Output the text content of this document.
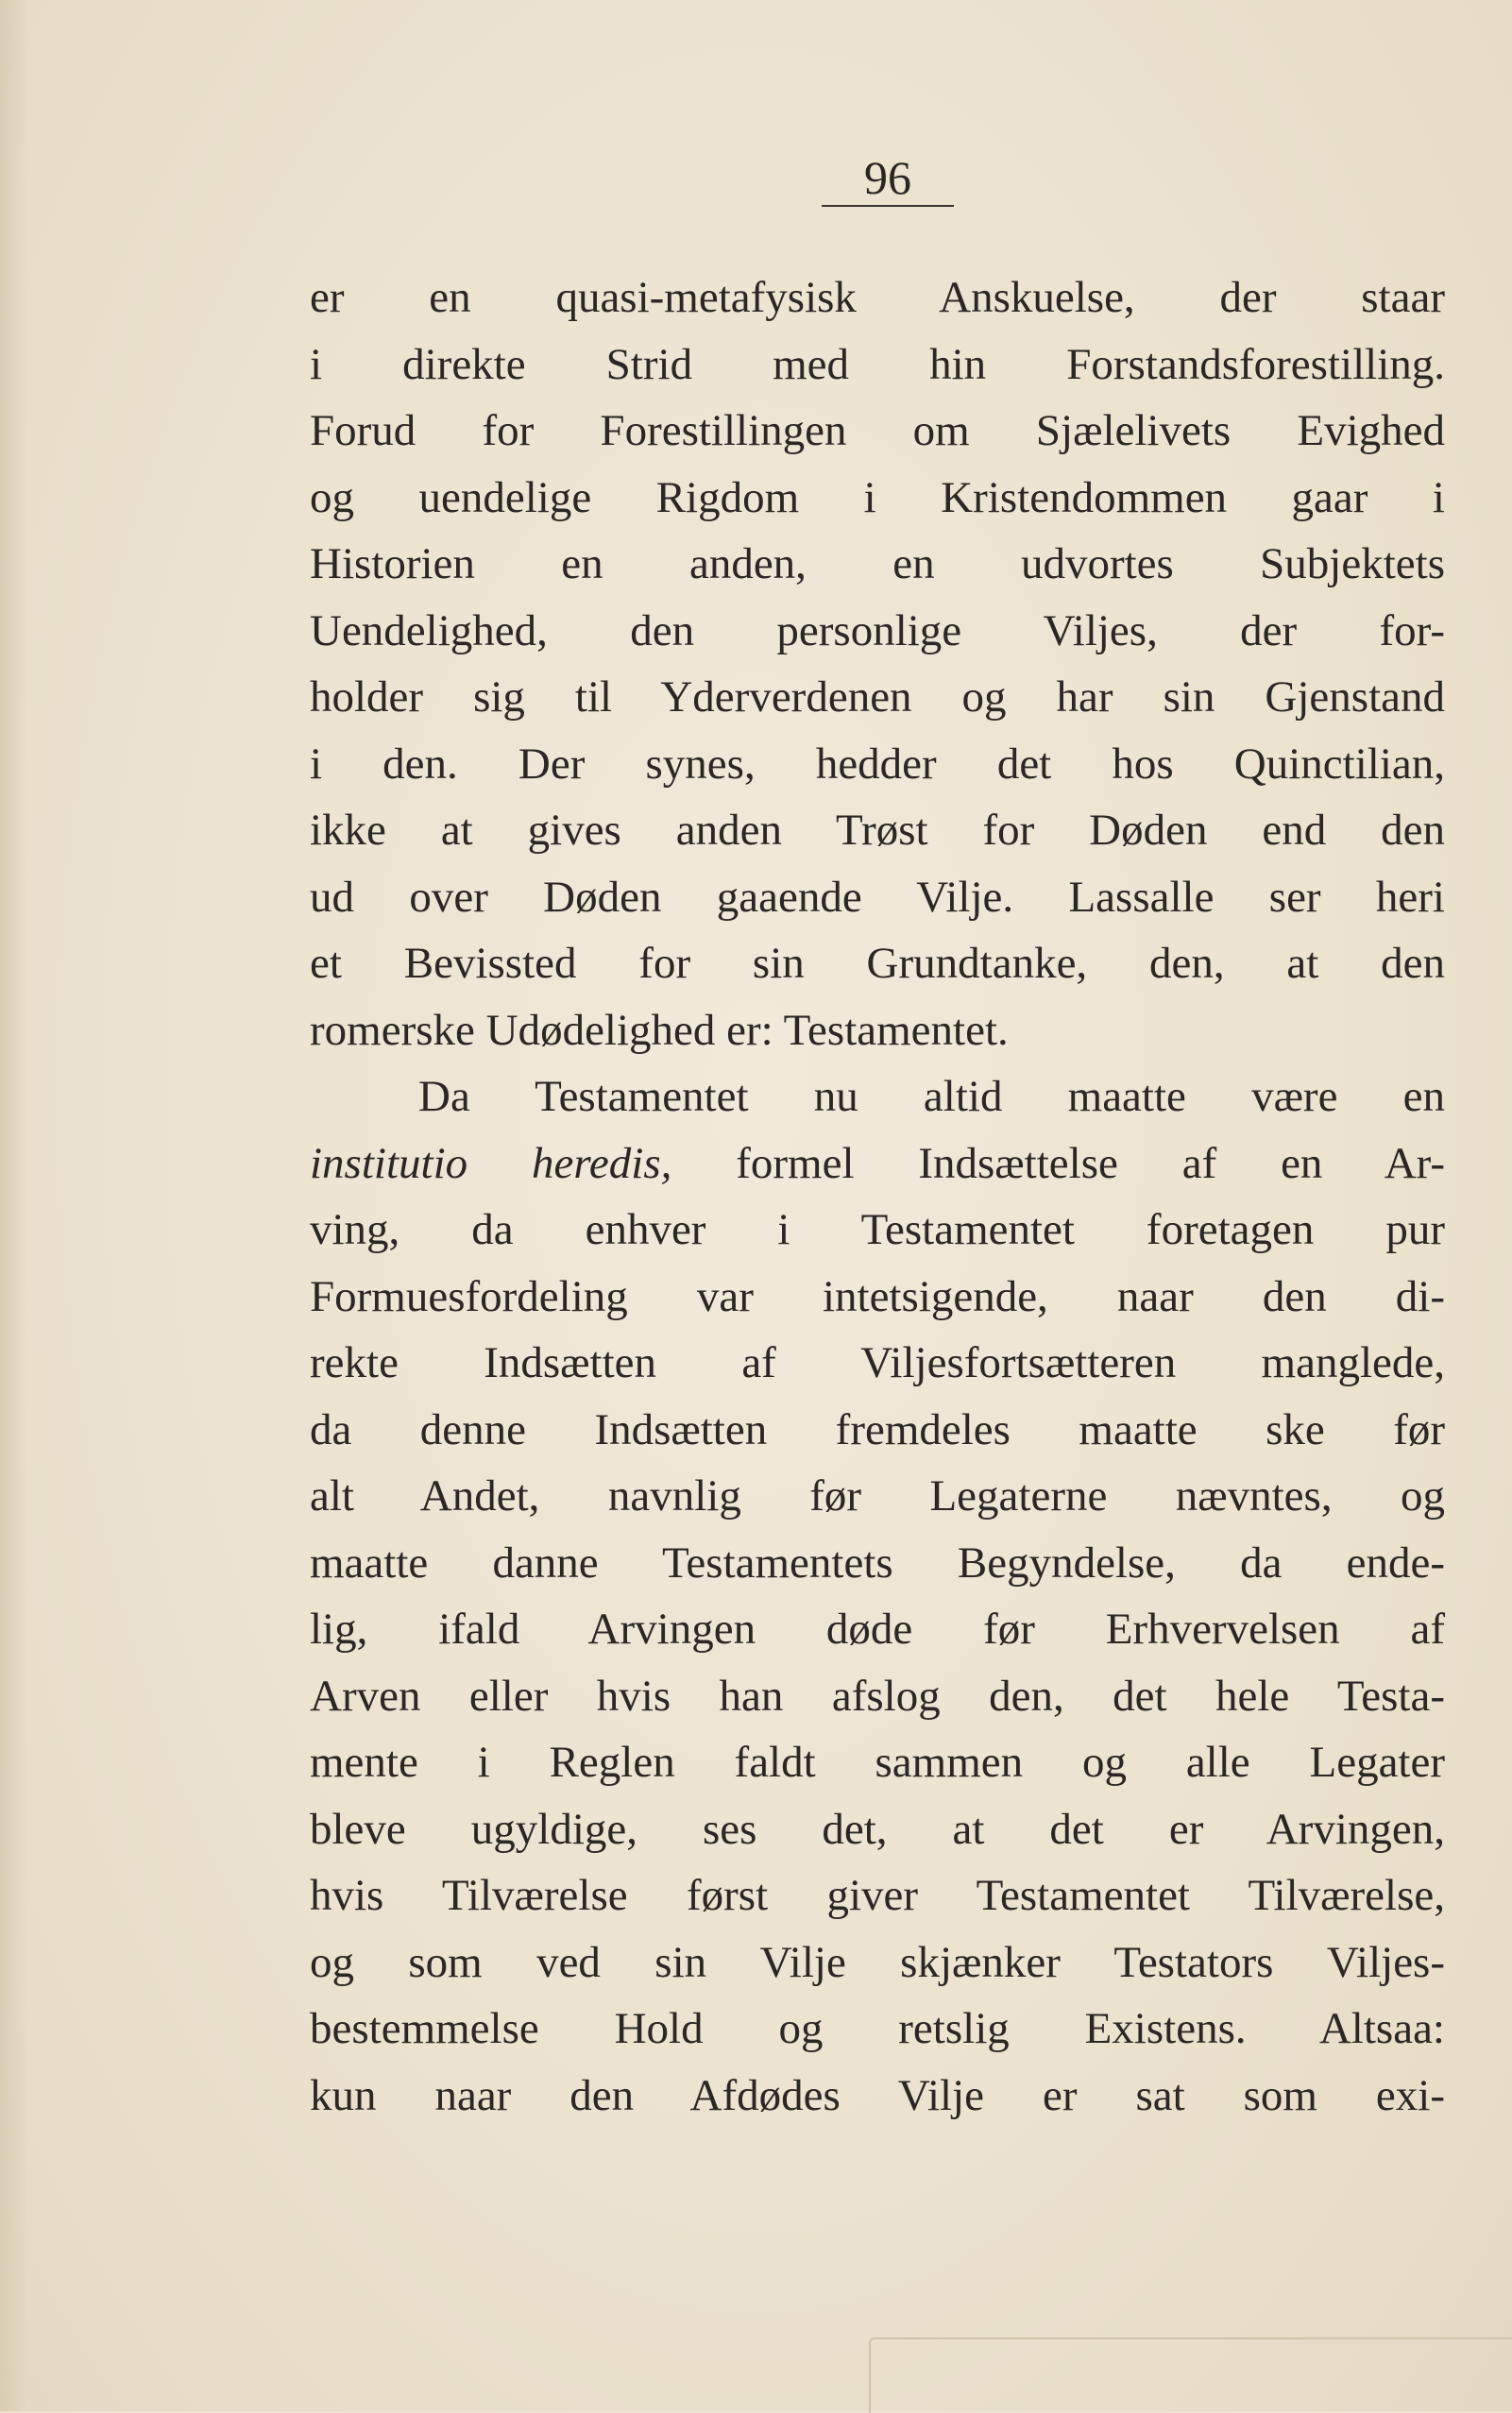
96
er en quasi-metafysisk Anskuelse, der staar
i direkte Strid med hin Forstandsforestilling.
Forud for Forestillingen om Sjælelivets Evighed
og uendelige Rigdom i Kristendommen gaar i
Historien en anden, en udvortes Subjektets
Uendelighed, den personlige Viljes, der for-
holder sig til Yderverdenen og har sin Gjenstand
i den. Der synes, hedder det hos Quinctilian,
ikke at gives anden Trøst for Døden end den
ud over Døden gaaende Vilje. Lassalle ser heri
et Bevissted for sin Grundtanke, den, at den
romerske Udødelighed er: Testamentet.
Da Testamentet nu altid maatte være en
institutio heredis, formel Indsættelse af en Ar-
ving, da enhver i Testamentet foretagen pur
Formuesfordeling var intetsigende, naar den di-
rekte Indsætten af Viljesfortsætteren manglede,
da denne Indsætten fremdeles maatte ske før
alt Andet, navnlig før Legaterne nævntes, og
maatte danne Testamentets Begyndelse, da ende-
lig, ifald Arvingen døde før Erhvervelsen af
Arven eller hvis han afslog den, det hele Testa-
mente i Reglen faldt sammen og alle Legater
bleve ugyldige, ses det, at det er Arvingen,
hvis Tilværelse først giver Testamentet Tilværelse,
og som ved sin Vilje skjænker Testators Viljes-
bestemmelse Hold og retslig Existens. Altsaa:
kun naar den Afdødes Vilje er sat som exi-
